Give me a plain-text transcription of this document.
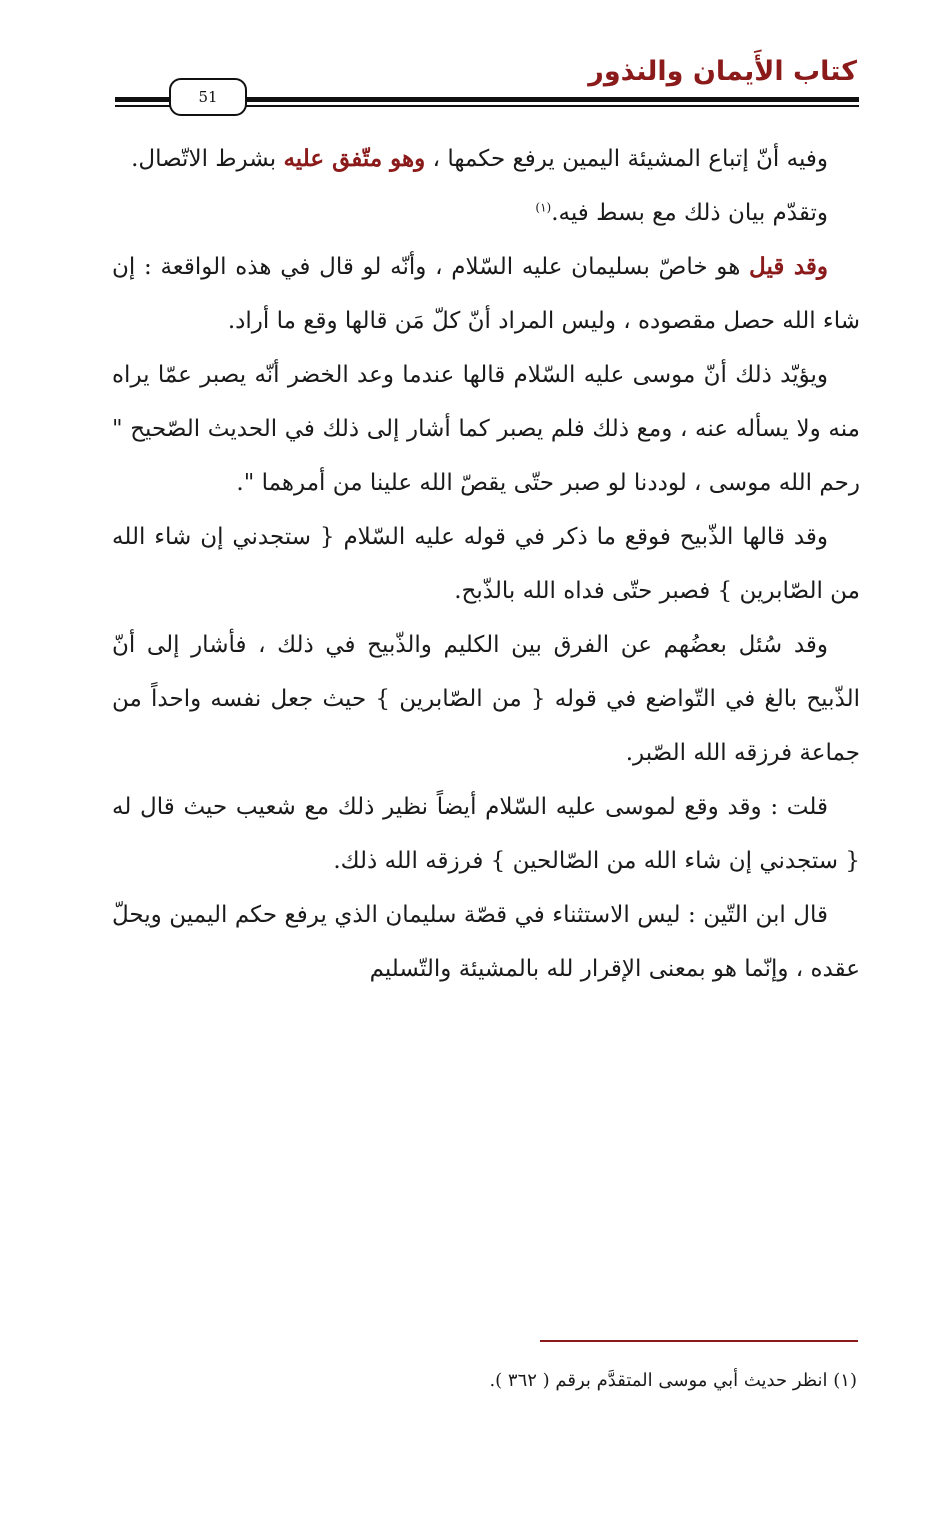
كتاب الأَيمان والنذور
51

وفيه أنّ إتباع المشيئة اليمين يرفع حكمها ، وهو متّفق عليه بشرط الاتّصال.

وتقدّم بيان ذلك مع بسط فيه.$^{(١)}$

وقد قيل هو خاصّ بسليمان عليه السّلام ، وأنّه لو قال في هذه الواقعة : إن شاء الله حصل مقصوده ، وليس المراد أنّ كلّ مَن قالها وقع ما أراد.

ويؤيّد ذلك أنّ موسى عليه السّلام قالها عندما وعد الخضر أنّه يصبر عمّا يراه منه ولا يسأله عنه ، ومع ذلك فلم يصبر كما أشار إلى ذلك في الحديث الصّحيح " رحم الله موسى ، لوددنا لو صبر حتّى يقصّ الله علينا من أمرهما ".

وقد قالها الذّبيح فوقع ما ذكر في قوله عليه السّلام { ستجدني إن شاء الله من الصّابرين } فصبر حتّى فداه الله بالذّبح.

وقد سُئل بعضُهم عن الفرق بين الكليم والذّبيح في ذلك ، فأشار إلى أنّ الذّبيح بالغ في التّواضع في قوله { من الصّابرين } حيث جعل نفسه واحداً من جماعة فرزقه الله الصّبر.

قلت : وقد وقع لموسى عليه السّلام أيضاً نظير ذلك مع شعيب حيث قال له { ستجدني إن شاء الله من الصّالحين } فرزقه الله ذلك.

قال ابن التّين : ليس الاستثناء في قصّة سليمان الذي يرفع حكم اليمين ويحلّ عقده ، وإنّما هو بمعنى الإقرار لله بالمشيئة والتّسليم

(١) انظر حديث أبي موسى المتقدَّم برقم ( ٣٦٢ ).
